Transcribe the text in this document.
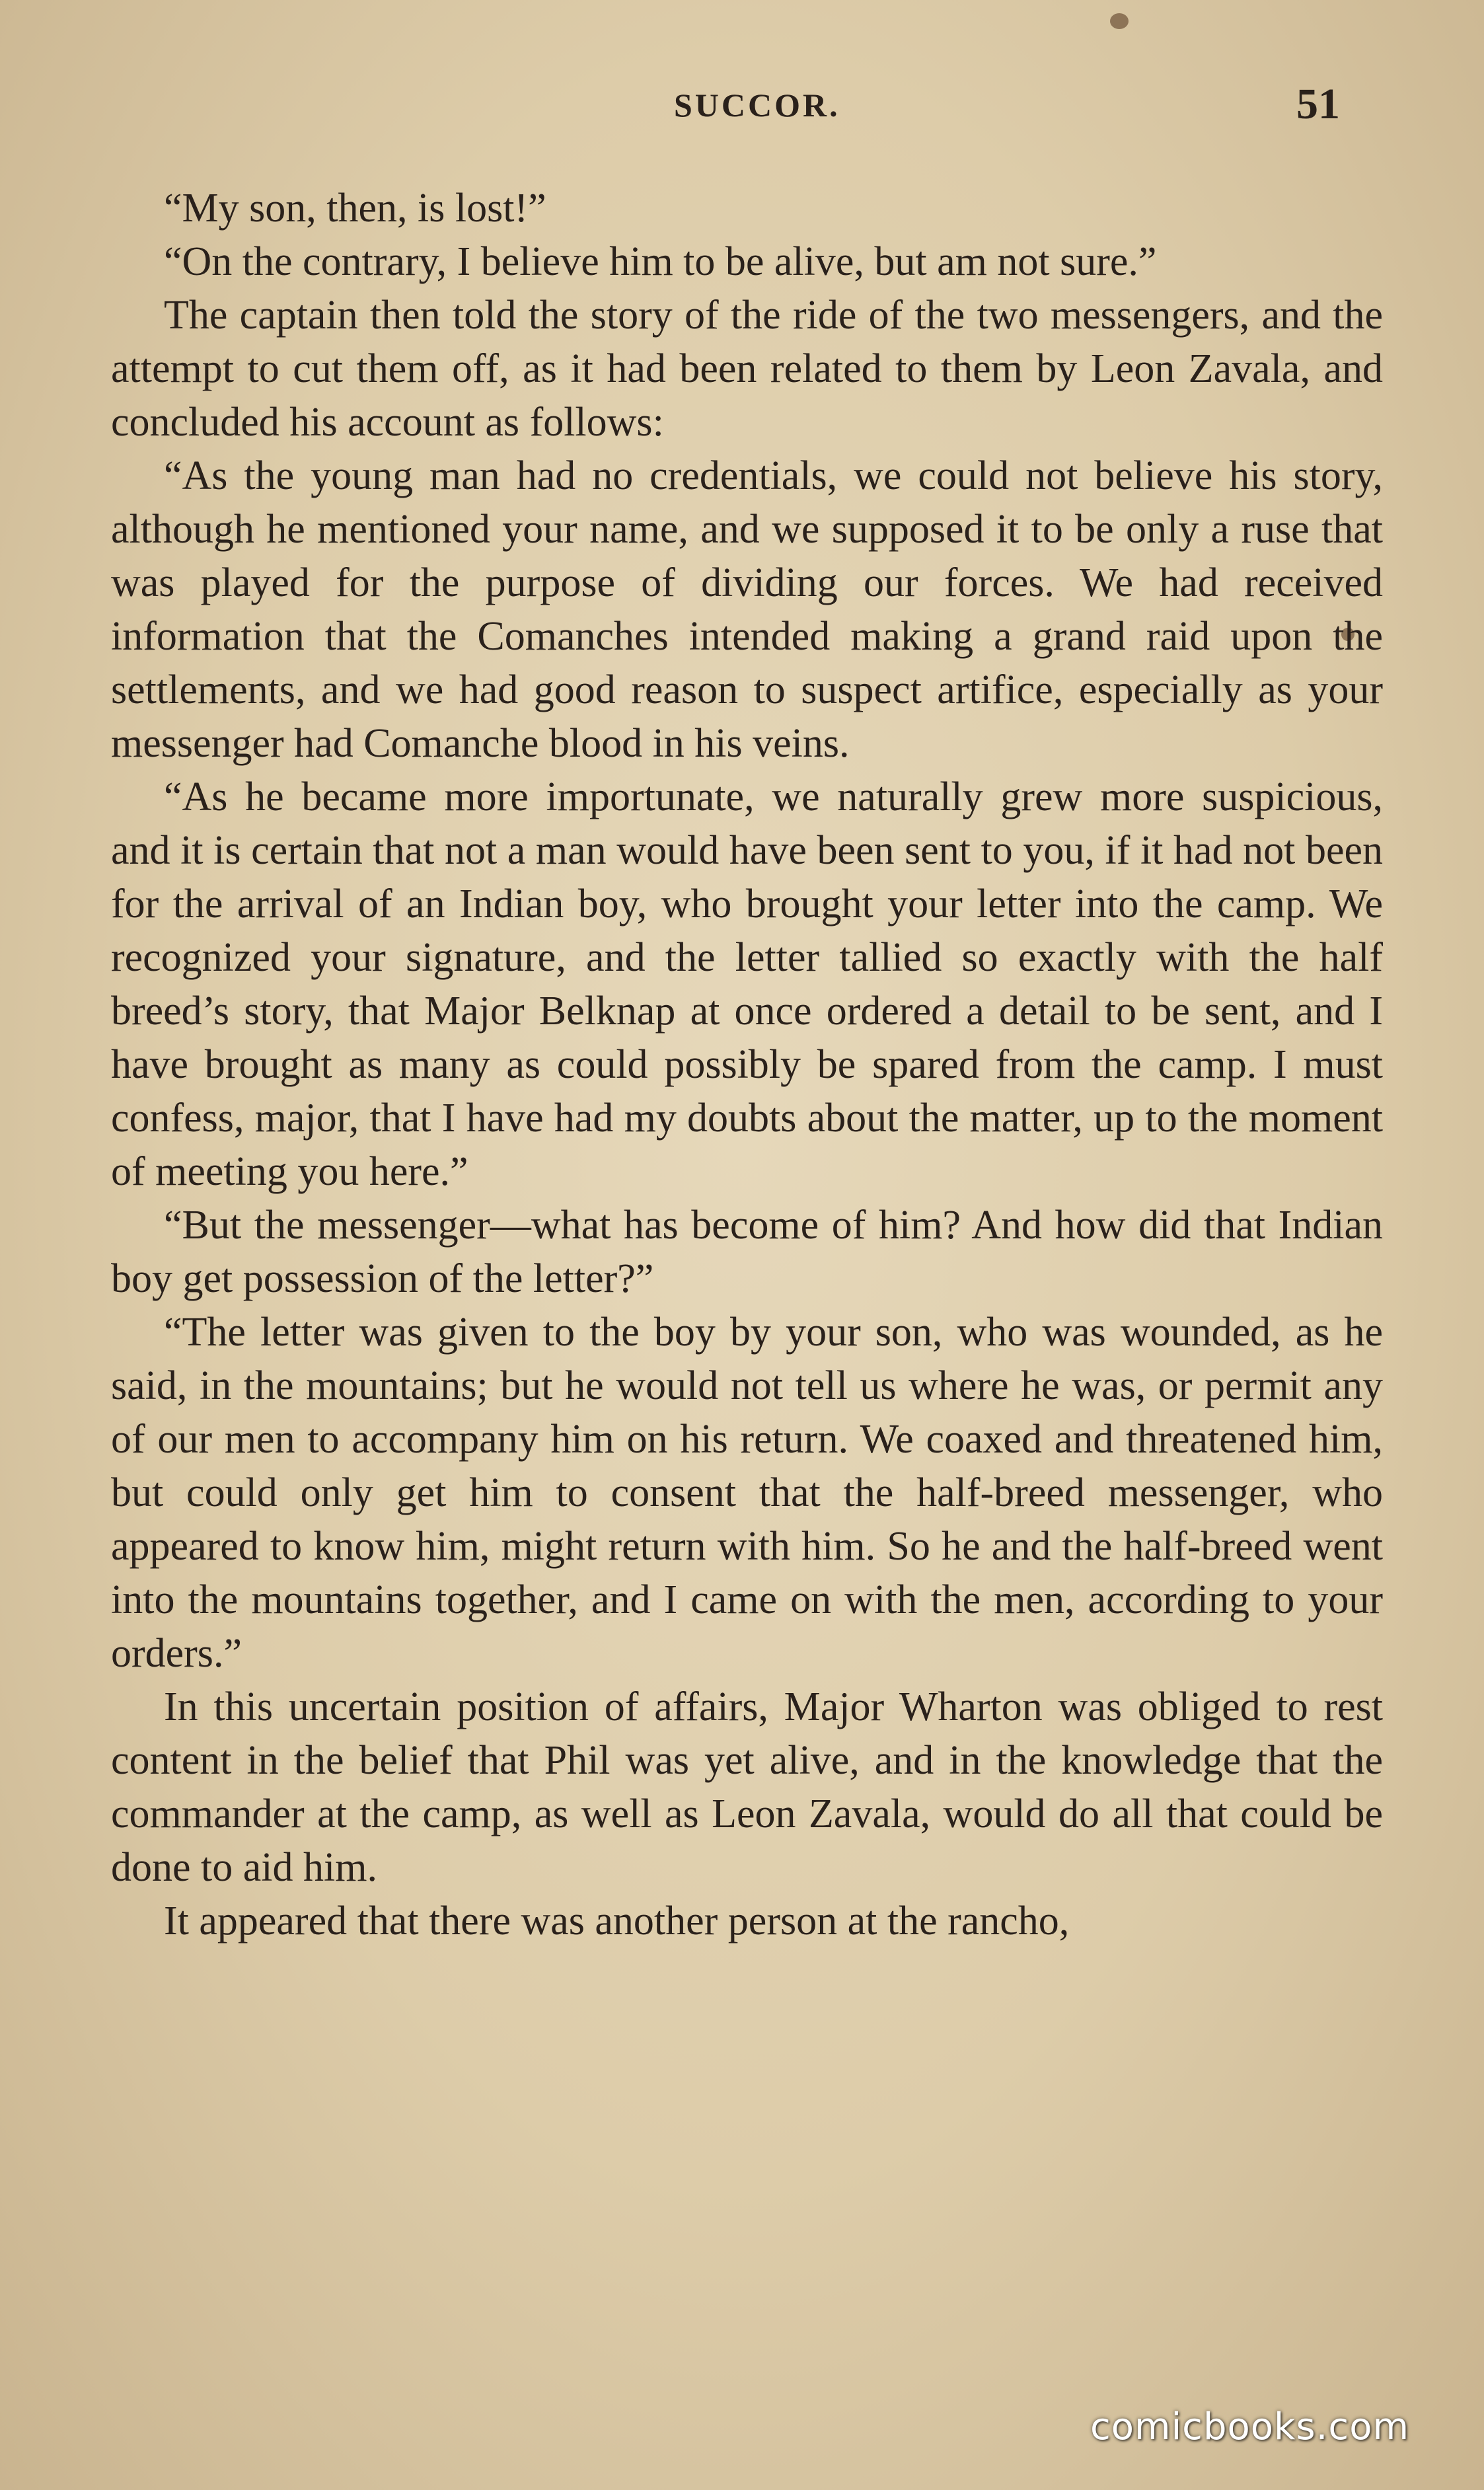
SUCCOR.	51

“My son, then, is lost!”

“On the contrary, I believe him to be alive, but am not sure.”

The captain then told the story of the ride of the two messengers, and the attempt to cut them off, as it had been related to them by Leon Zavala, and concluded his account as follows:

“As the young man had no credentials, we could not believe his story, although he mentioned your name, and we supposed it to be only a ruse that was played for the purpose of dividing our forces. We had received information that the Comanches intended making a grand raid upon the settlements, and we had good reason to suspect artifice, especially as your messenger had Comanche blood in his veins.

“As he became more importunate, we naturally grew more suspicious, and it is certain that not a man would have been sent to you, if it had not been for the arrival of an Indian boy, who brought your letter into the camp. We recognized your signature, and the letter tallied so exactly with the half breed’s story, that Major Belknap at once ordered a detail to be sent, and I have brought as many as could possibly be spared from the camp. I must confess, major, that I have had my doubts about the matter, up to the moment of meeting you here.”

“But the messenger—what has become of him? And how did that Indian boy get possession of the letter?”

“The letter was given to the boy by your son, who was wounded, as he said, in the mountains; but he would not tell us where he was, or permit any of our men to accompany him on his return. We coaxed and threatened him, but could only get him to consent that the half-breed messenger, who appeared to know him, might return with him. So he and the half-breed went into the mountains together, and I came on with the men, according to your orders.”

In this uncertain position of affairs, Major Wharton was obliged to rest content in the belief that Phil was yet alive, and in the knowledge that the commander at the camp, as well as Leon Zavala, would do all that could be done to aid him.

It appeared that there was another person at the rancho,

comicbooks.com
